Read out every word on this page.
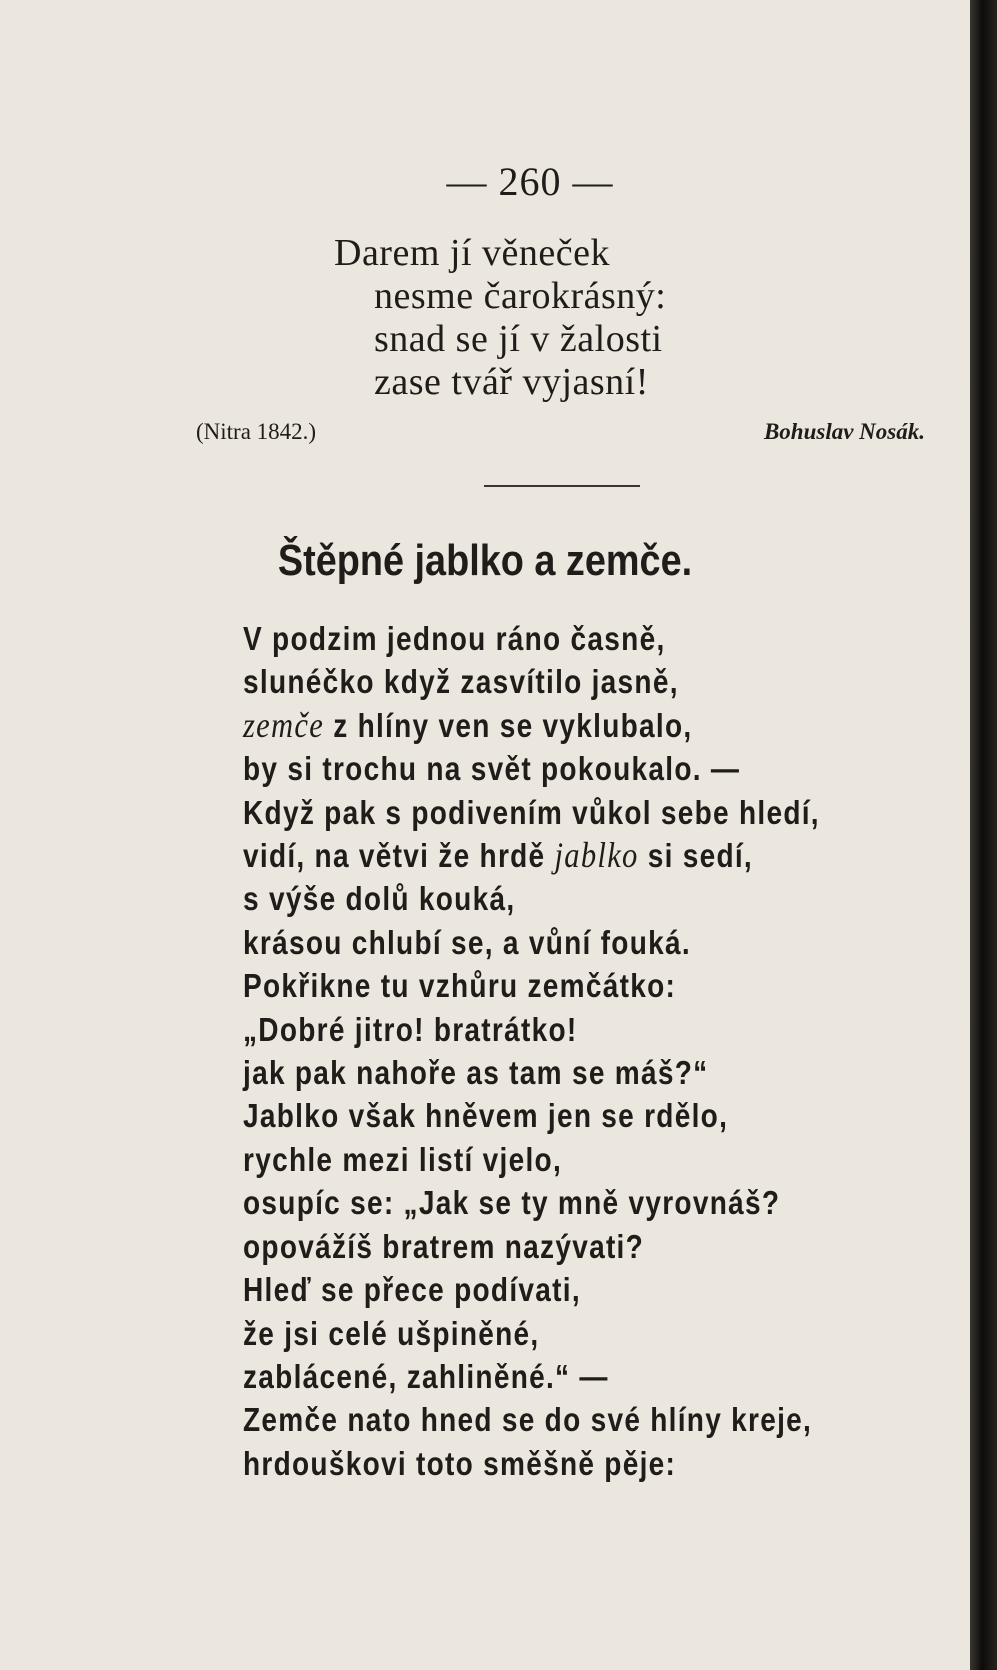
— 260 —
Darem jí věneček
nesme čarokrásný:
snad se jí v žalosti
zase tvář vyjasní!
(Nitra 1842.)	Bohuslav Nosák.
Štěpné jablko a zemče.
V podzim jednou ráno časně,
slunéčko když zasvítilo jasně,
zemče z hlíny ven se vyklubalo,
by si trochu na svět pokoukalo. —
Když pak s podivením vůkol sebe hledí,
vidí, na větvi že hrdě jablko si sedí,
s výše dolů kouká,
krásou chlubí se, a vůní fouká.
Pokřikne tu vzhůru zemčátko:
„Dobré jitro! bratrátko!
jak pak nahoře as tam se máš?“
Jablko však hněvem jen se rdělo,
rychle mezi listí vjelo,
osupíc se: „Jak se ty mně vyrovnáš?
opovážíš bratrem nazývati?
Hleď se přece podívati,
že jsi celé ušpiněné,
zablácené, zahliněné.“ —
Zemče nato hned se do své hlíny kreje,
hrdouškovi toto směšně pěje:
